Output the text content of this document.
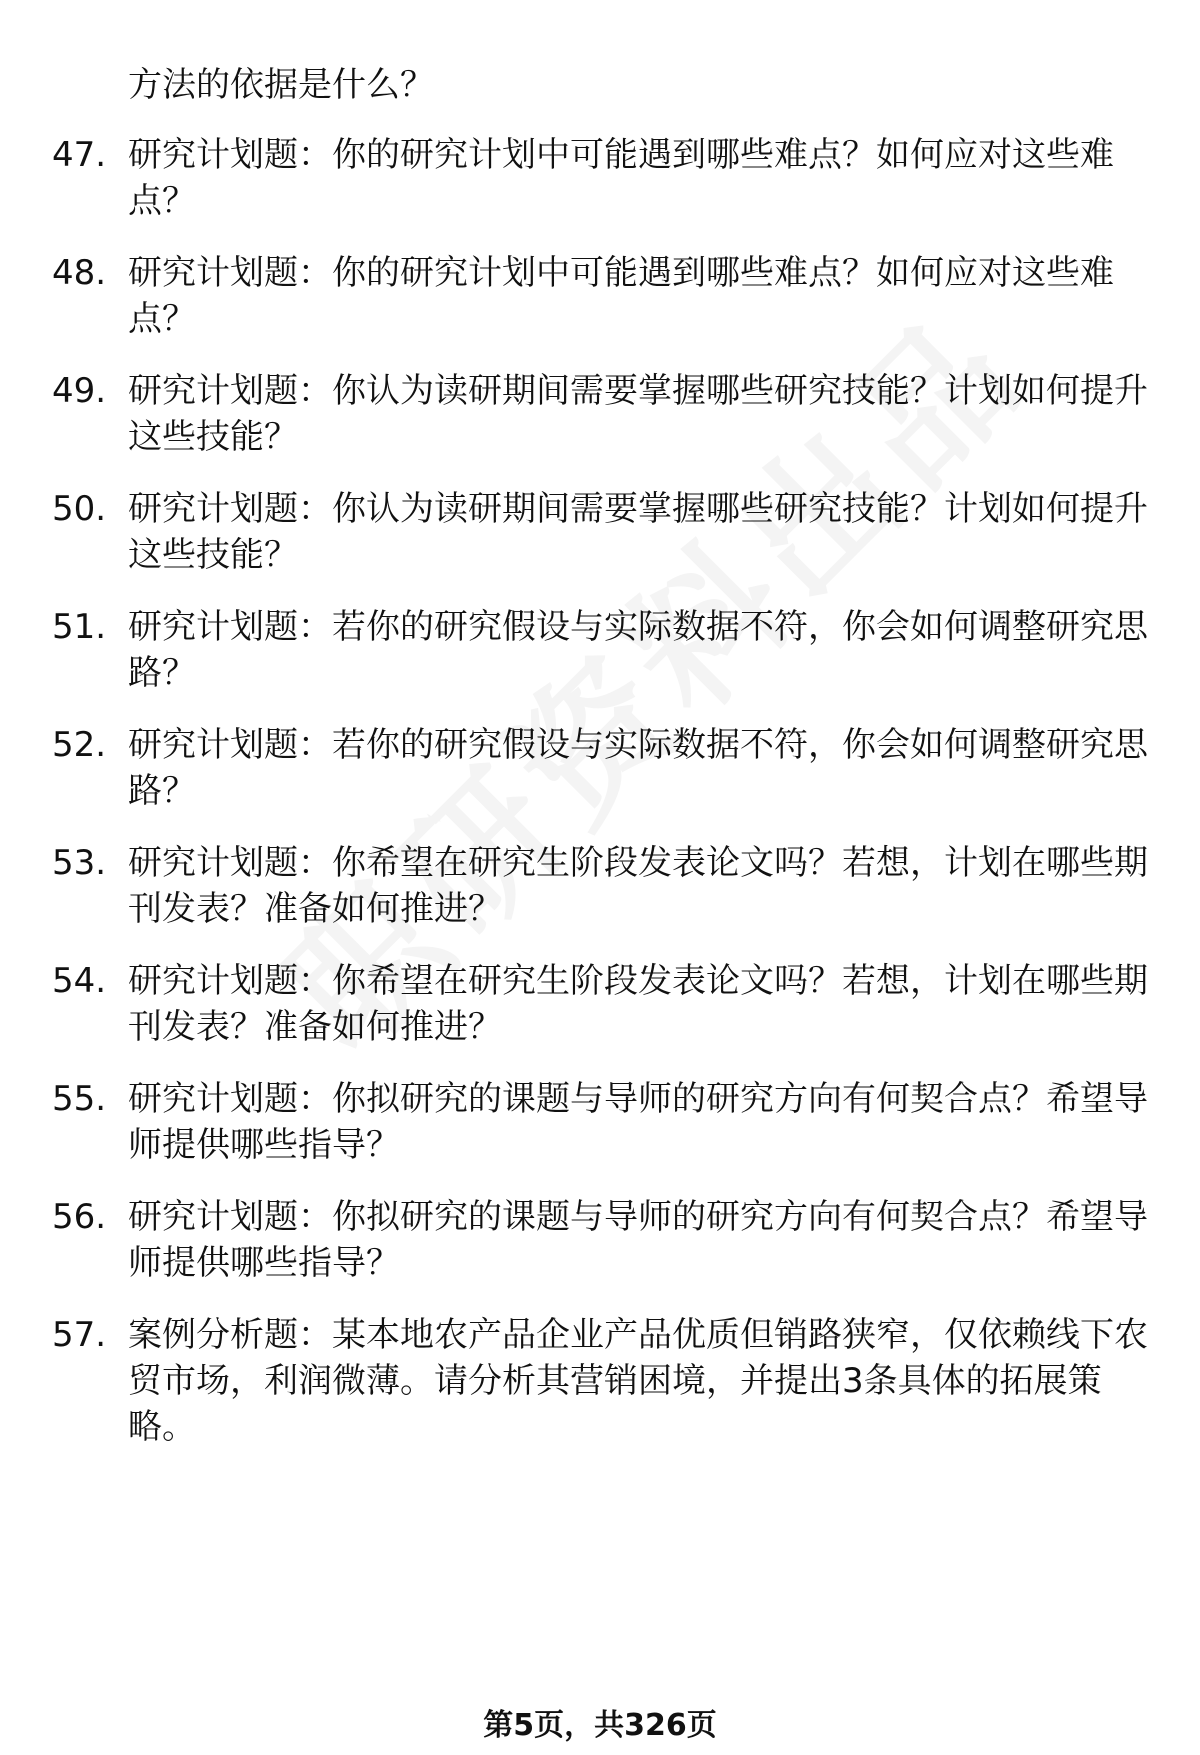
方法的依据是什么？
47. 研究计划题：你的研究计划中可能遇到哪些难点？如何应对这些难点？
48. 研究计划题：你的研究计划中可能遇到哪些难点？如何应对这些难点？
49. 研究计划题：你认为读研期间需要掌握哪些研究技能？计划如何提升这些技能？
50. 研究计划题：你认为读研期间需要掌握哪些研究技能？计划如何提升这些技能？
51. 研究计划题：若你的研究假设与实际数据不符，你会如何调整研究思路？
52. 研究计划题：若你的研究假设与实际数据不符，你会如何调整研究思路？
53. 研究计划题：你希望在研究生阶段发表论文吗？若想，计划在哪些期刊发表？准备如何推进？
54. 研究计划题：你希望在研究生阶段发表论文吗？若想，计划在哪些期刊发表？准备如何推进？
55. 研究计划题：你拟研究的课题与导师的研究方向有何契合点？希望导师提供哪些指导？
56. 研究计划题：你拟研究的课题与导师的研究方向有何契合点？希望导师提供哪些指导？
57. 案例分析题：某本地农产品企业产品优质但销路狭窄，仅依赖线下农贸市场，利润微薄。请分析其营销困境，并提出3条具体的拓展策略。
第5页，共326页
